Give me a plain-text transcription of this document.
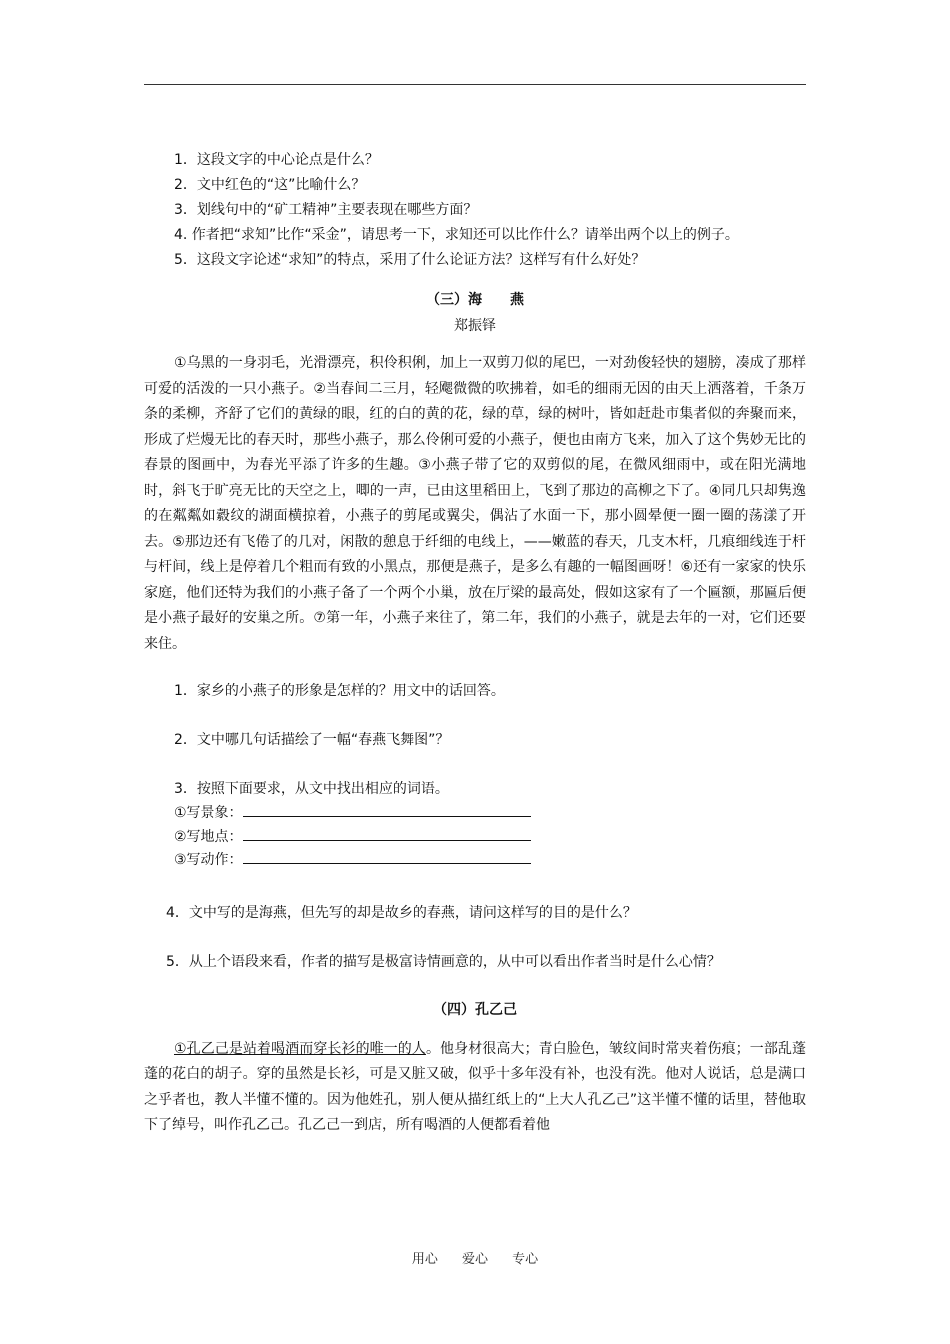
1．这段文字的中心论点是什么？

2．文中红色的“这”比喻什么？

3．划线句中的“矿工精神”主要表现在哪些方面？

4. 作者把“求知”比作“采金”，请思考一下，求知还可以比作什么？请举出两个以上的例子。

5．这段文字论述“求知”的特点，采用了什么论证方法？这样写有什么好处？

（三）海　　燕

郑振铎

①乌黑的一身羽毛，光滑漂亮，积伶积俐，加上一双剪刀似的尾巴，一对劲俊轻快的翅膀，凑成了那样可爱的活泼的一只小燕子。②当春间二三月，轻飔微微的吹拂着，如毛的细雨无因的由天上洒落着，千条万条的柔柳，齐舒了它们的黄绿的眼，红的白的黄的花，绿的草，绿的树叶，皆如赶赴市集者似的奔聚而来，形成了烂熳无比的春天时，那些小燕子，那么伶俐可爱的小燕子，便也由南方飞来，加入了这个隽妙无比的春景的图画中，为春光平添了许多的生趣。③小燕子带了它的双剪似的尾，在微风细雨中，或在阳光满地时，斜飞于旷亮无比的天空之上，唧的一声，已由这里稻田上，飞到了那边的高柳之下了。④同几只却隽逸的在粼粼如縠纹的湖面横掠着，小燕子的剪尾或翼尖，偶沾了水面一下，那小圆晕便一圈一圈的荡漾了开去。⑤那边还有飞倦了的几对，闲散的憩息于纤细的电线上，——嫩蓝的春天，几支木杆，几痕细线连于杆与杆间，线上是停着几个粗而有致的小黑点，那便是燕子，是多么有趣的一幅图画呀！⑥还有一家家的快乐家庭，他们还特为我们的小燕子备了一个两个小巢，放在厅梁的最高处，假如这家有了一个匾额，那匾后便是小燕子最好的安巢之所。⑦第一年，小燕子来往了，第二年，我们的小燕子，就是去年的一对，它们还要来住。

1．家乡的小燕子的形象是怎样的？用文中的话回答。

2．文中哪几句话描绘了一幅“春燕飞舞图”？

3．按照下面要求，从文中找出相应的词语。

①写景象：

②写地点：

③写动作：

4．文中写的是海燕，但先写的却是故乡的春燕，请问这样写的目的是什么？

5．从上个语段来看，作者的描写是极富诗情画意的，从中可以看出作者当时是什么心情？

（四）孔乙己

①孔乙己是站着喝酒而穿长衫的唯一的人。他身材很高大；青白脸色，皱纹间时常夹着伤痕；一部乱蓬蓬的花白的胡子。穿的虽然是长衫，可是又脏又破，似乎十多年没有补，也没有洗。他对人说话，总是满口之乎者也，教人半懂不懂的。因为他姓孔，别人便从描红纸上的“上大人孔乙己”这半懂不懂的话里，替他取下了绰号，叫作孔乙己。孔乙己一到店，所有喝酒的人便都看着他

用心 爱心 专心
